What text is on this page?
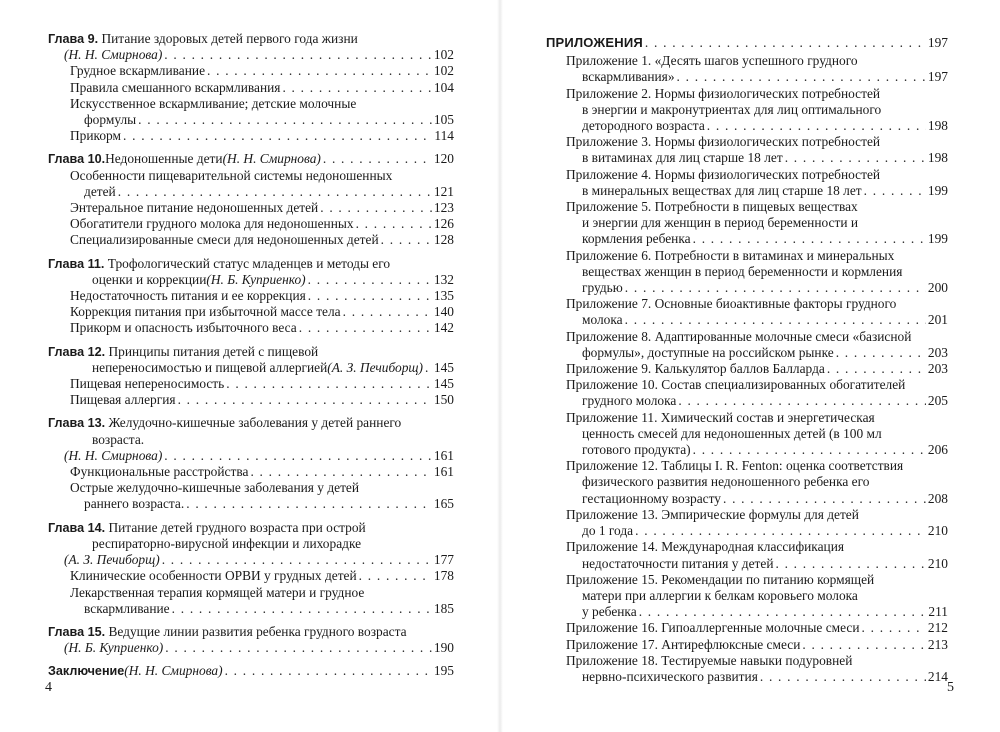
Глава 9. Питание здоровых детей первого года жизни
(Н. Н. Смирнова) . . .	102
Грудное вскармливание . . .	102
Правила смешанного вскармливания . . .	104
Искусственное вскармливание; детские молочные
формулы . . .	105
Прикорм . . .	114
Глава 10. Недоношенные дети (Н. Н. Смирнова) . . .	120
Особенности пищеварительной системы недоношенных
детей . . .	121
Энтеральное питание недоношенных детей . . .	123
Обогатители грудного молока для недоношенных . . .	126
Специализированные смеси для недоношенных детей . . .	128
Глава 11. Трофологический статус младенцев и методы его
оценки и коррекции (Н. Б. Куприенко) . . .	132
Недостаточность питания и ее коррекция . . .	135
Коррекция питания при избыточной массе тела . . .	140
Прикорм и опасность избыточного веса . . .	142
Глава 12. Принципы питания детей с пищевой
непереносимостью и пищевой аллергией (А. З. Печиборщ) . . . 145
Пищевая непереносимость . . .	145
Пищевая аллергия . . .	150
Глава 13. Желудочно-кишечные заболевания у детей раннего
возраста.
(Н. Н. Смирнова) . . .	161
Функциональные расстройства . . .	161
Острые желудочно-кишечные заболевания у детей
раннего возраста. . . .	165
Глава 14. Питание детей грудного возраста при острой
респираторно-вирусной инфекции и лихорадке
(А. З. Печиборщ) . . .	177
Клинические особенности ОРВИ у грудных детей . . .	178
Лекарственная терапия кормящей матери и грудное
вскармливание . . .	185
Глава 15. Ведущие линии развития ребенка грудного возраста
(Н. Б. Куприенко) . . .	190
Заключение (Н. Н. Смирнова) . . .	195
ПРИЛОЖЕНИЯ . . .	197
Приложение 1. «Десять шагов успешного грудного
вскармливания» . . .	197
Приложение 2. Нормы физиологических потребностей
в энергии и макронутриентах для лиц оптимального
детородного возраста . . .	198
Приложение 3. Нормы физиологических потребностей
в витаминах для лиц старше 18 лет . . .	198
Приложение 4. Нормы физиологических потребностей
в минеральных веществах для лиц старше 18 лет . . .	199
Приложение 5. Потребности в пищевых веществах
и энергии для женщин в период беременности и
кормления ребенка . . .	199
Приложение 6. Потребности в витаминах и минеральных
веществах женщин в период беременности и кормления
грудью . . .	200
Приложение 7. Основные биоактивные факторы грудного
молока . . .	201
Приложение 8. Адаптированные молочные смеси «базисной
формулы», доступные на российском рынке . . .	203
Приложение 9. Калькулятор баллов Балларда . . .	203
Приложение 10. Состав специализированных обогатителей
грудного молока . . .	205
Приложение 11. Химический состав и энергетическая
ценность смесей для недоношенных детей (в 100 мл
готового продукта) . . .	206
Приложение 12. Таблицы I. R. Fenton: оценка соответствия
физического развития недоношенного ребенка его
гестационному возрасту . . .	208
Приложение 13. Эмпирические формулы для детей
до 1 года . . .	210
Приложение 14. Международная классификация
недостаточности питания у детей . . .	210
Приложение 15. Рекомендации по питанию кормящей
матери при аллергии к белкам коровьего молока
у ребенка . . .	211
Приложение 16. Гипоаллергенные молочные смеси . . .	212
Приложение 17. Антирефлюксные смеси . . .	213
Приложение 18. Тестируемые навыки подуровней
нервно-психического развития . . .	214
4	5
